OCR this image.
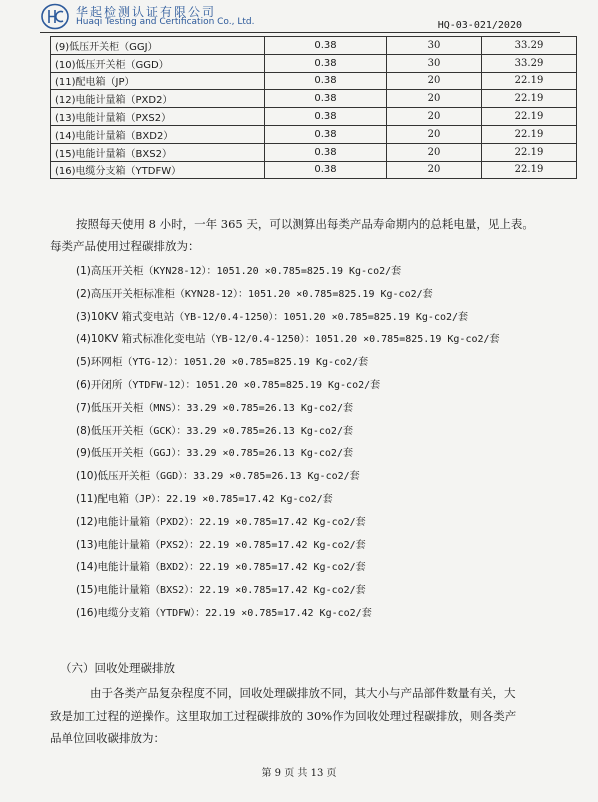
华起检测认证有限公司
Huaqi Testing and Certification Co., Ltd.	HQ-03-021/2020
(9)低压开关柜（GGJ）	0.38	30	33.29
(10)低压开关柜（GGD）	0.38	30	33.29
(11)配电箱（JP）	0.38	20	22.19
(12)电能计量箱（PXD2）	0.38	20	22.19
(13)电能计量箱（PXS2）	0.38	20	22.19
(14)电能计量箱（BXD2）	0.38	20	22.19
(15)电能计量箱（BXS2）	0.38	20	22.19
(16)电缆分支箱（YTDFW）	0.38	20	22.19
按照每天使用 8 小时，一年 365 天，可以测算出每类产品寿命期内的总耗电量，见上表。
每类产品使用过程碳排放为：
(1)高压开关柜（KYN28-12）：1051.20 ×0.785=825.19 Kg-co2/套
(2)高压开关柜标准柜（KYN28-12）：1051.20 ×0.785=825.19 Kg-co2/套
(3)10KV 箱式变电站（YB-12/0.4-1250）：1051.20 ×0.785=825.19 Kg-co2/套
(4)10KV 箱式标准化变电站（YB-12/0.4-1250）：1051.20 ×0.785=825.19 Kg-co2/套
(5)环网柜（YTG-12）：1051.20 ×0.785=825.19 Kg-co2/套
(6)开闭所（YTDFW-12）：1051.20 ×0.785=825.19 Kg-co2/套
(7)低压开关柜（MNS）：33.29 ×0.785=26.13 Kg-co2/套
(8)低压开关柜（GCK）：33.29 ×0.785=26.13 Kg-co2/套
(9)低压开关柜（GGJ）：33.29 ×0.785=26.13 Kg-co2/套
(10)低压开关柜（GGD）：33.29 ×0.785=26.13 Kg-co2/套
(11)配电箱（JP）：22.19 ×0.785=17.42 Kg-co2/套
(12)电能计量箱（PXD2）：22.19 ×0.785=17.42 Kg-co2/套
(13)电能计量箱（PXS2）：22.19 ×0.785=17.42 Kg-co2/套
(14)电能计量箱（BXD2）：22.19 ×0.785=17.42 Kg-co2/套
(15)电能计量箱（BXS2）：22.19 ×0.785=17.42 Kg-co2/套
(16)电缆分支箱（YTDFW）：22.19 ×0.785=17.42 Kg-co2/套
（六）回收处理碳排放
由于各类产品复杂程度不同，回收处理碳排放不同，其大小与产品部件数量有关，大
致是加工过程的逆操作。这里取加工过程碳排放的 30%作为回收处理过程碳排放，则各类产
品单位回收碳排放为：
第 9 页 共 13 页
